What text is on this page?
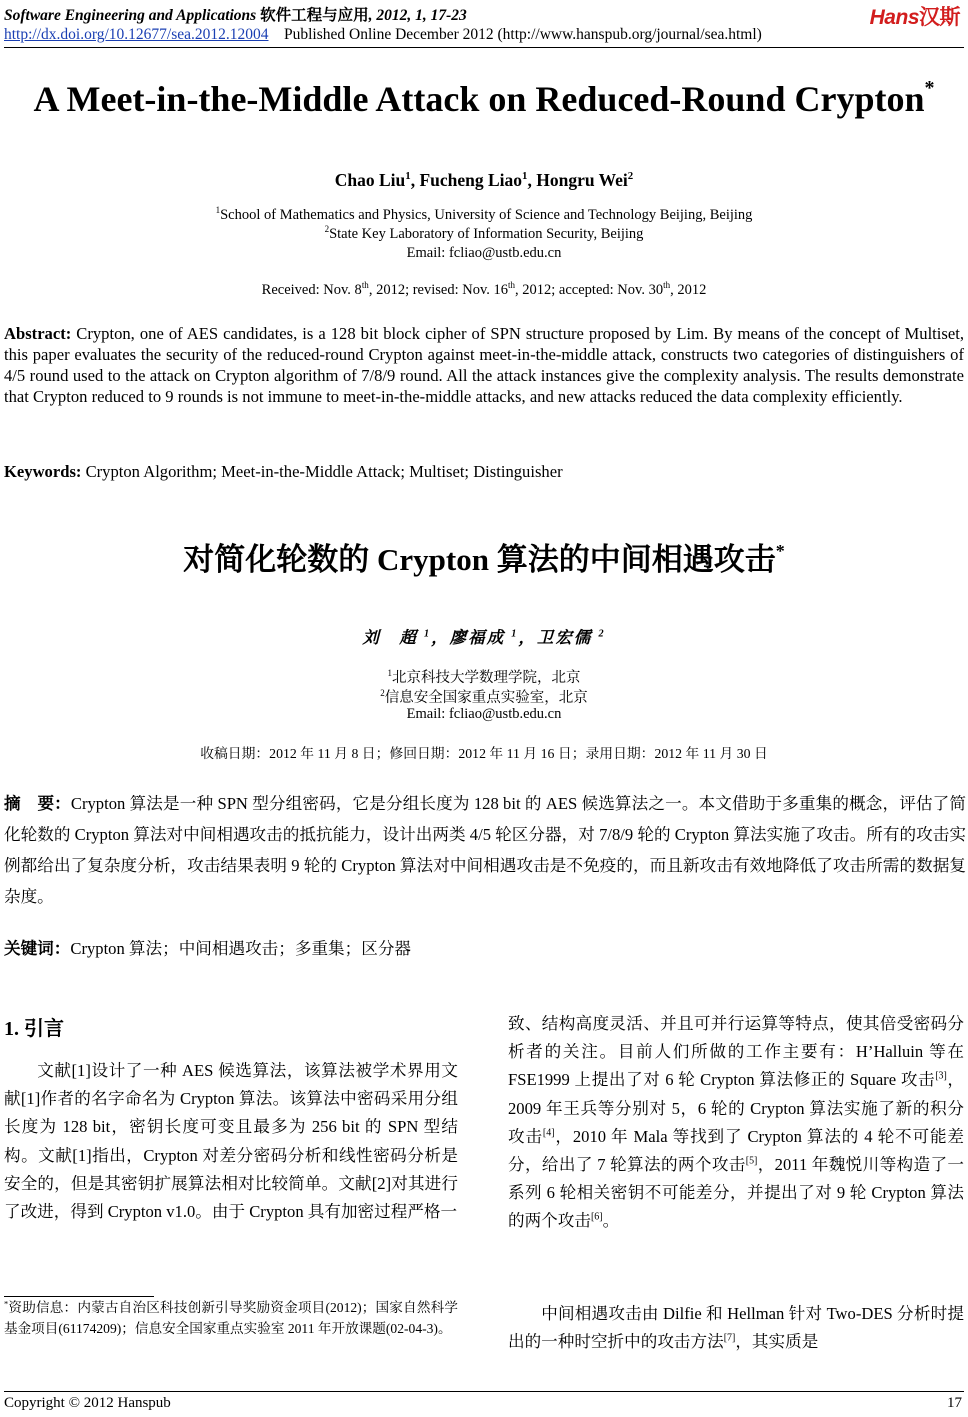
Software Engineering and Applications 软件工程与应用, 2012, 1, 17-23	Hans汉斯
http://dx.doi.org/10.12677/sea.2012.12004 Published Online December 2012 (http://www.hanspub.org/journal/sea.html)
A Meet-in-the-Middle Attack on Reduced-Round Crypton*
Chao Liu$^1$, Fucheng Liao$^1$, Hongru Wei$^2$
$^1$School of Mathematics and Physics, University of Science and Technology Beijing, Beijing
$^2$State Key Laboratory of Information Security, Beijing
Email: fcliao@ustb.edu.cn
Received: Nov. 8th, 2012; revised: Nov. 16th, 2012; accepted: Nov. 30th, 2012
Abstract: Crypton, one of AES candidates, is a 128 bit block cipher of SPN structure proposed by Lim. By means of the concept of Multiset, this paper evaluates the security of the reduced-round Crypton against meet-in-the-middle attack, constructs two categories of distinguishers of 4/5 round used to the attack on Crypton algorithm of 7/8/9 round. All the attack instances give the complexity analysis. The results demonstrate that Crypton reduced to 9 rounds is not immune to meet-in-the-middle attacks, and new attacks reduced the data complexity efficiently.
Keywords: Crypton Algorithm; Meet-in-the-Middle Attack; Multiset; Distinguisher
对简化轮数的 Crypton 算法的中间相遇攻击*
刘　超 $^1$，廖福成 $^1$，卫宏儒 $^2$
$^1$北京科技大学数理学院，北京
$^2$信息安全国家重点实验室，北京
Email: fcliao@ustb.edu.cn
收稿日期：2012 年 11 月 8 日；修回日期：2012 年 11 月 16 日；录用日期：2012 年 11 月 30 日
摘　要：Crypton 算法是一种 SPN 型分组密码，它是分组长度为 128 bit 的 AES 候选算法之一。本文借助于多重集的概念，评估了简化轮数的 Crypton 算法对中间相遇攻击的抵抗能力，设计出两类 4/5 轮区分器，对 7/8/9 轮的 Crypton 算法实施了攻击。所有的攻击实例都给出了复杂度分析，攻击结果表明 9 轮的 Crypton 算法对中间相遇攻击是不免疫的，而且新攻击有效地降低了攻击所需的数据复杂度。
关键词：Crypton 算法；中间相遇攻击；多重集；区分器
1. 引言
文献[1]设计了一种 AES 候选算法，该算法被学术界用文献[1]作者的名字命名为 Crypton 算法。该算法中密码采用分组长度为 128 bit，密钥长度可变且最多为 256 bit 的 SPN 型结构。文献[1]指出，Crypton 对差分密码分析和线性密码分析是安全的，但是其密钥扩展算法相对比较简单。文献[2]对其进行了改进，得到 Crypton v1.0。由于 Crypton 具有加密过程严格一
致、结构高度灵活、并且可并行运算等特点，使其倍受密码分析者的关注。目前人们所做的工作主要有：H’Halluin 等在 FSE1999 上提出了对 6 轮 Crypton 算法修正的 Square 攻击[3]，2009 年王兵等分别对 5，6 轮的 Crypton 算法实施了新的积分攻击[4]，2010 年 Mala 等找到了 Crypton 算法的 4 轮不可能差分，给出了 7 轮算法的两个攻击[5]，2011 年魏悦川等构造了一系列 6 轮相关密钥不可能差分，并提出了对 9 轮 Crypton 算法的两个攻击[6]。
中间相遇攻击由 Dilfie 和 Hellman 针对 Two-DES 分析时提出的一种时空折中的攻击方法[7]，其实质是
*资助信息：内蒙古自治区科技创新引导奖励资金项目(2012)；国家自然科学基金项目(61174209)；信息安全国家重点实验室 2011 年开放课题(02-04-3)。
Copyright © 2012 Hanspub	17
